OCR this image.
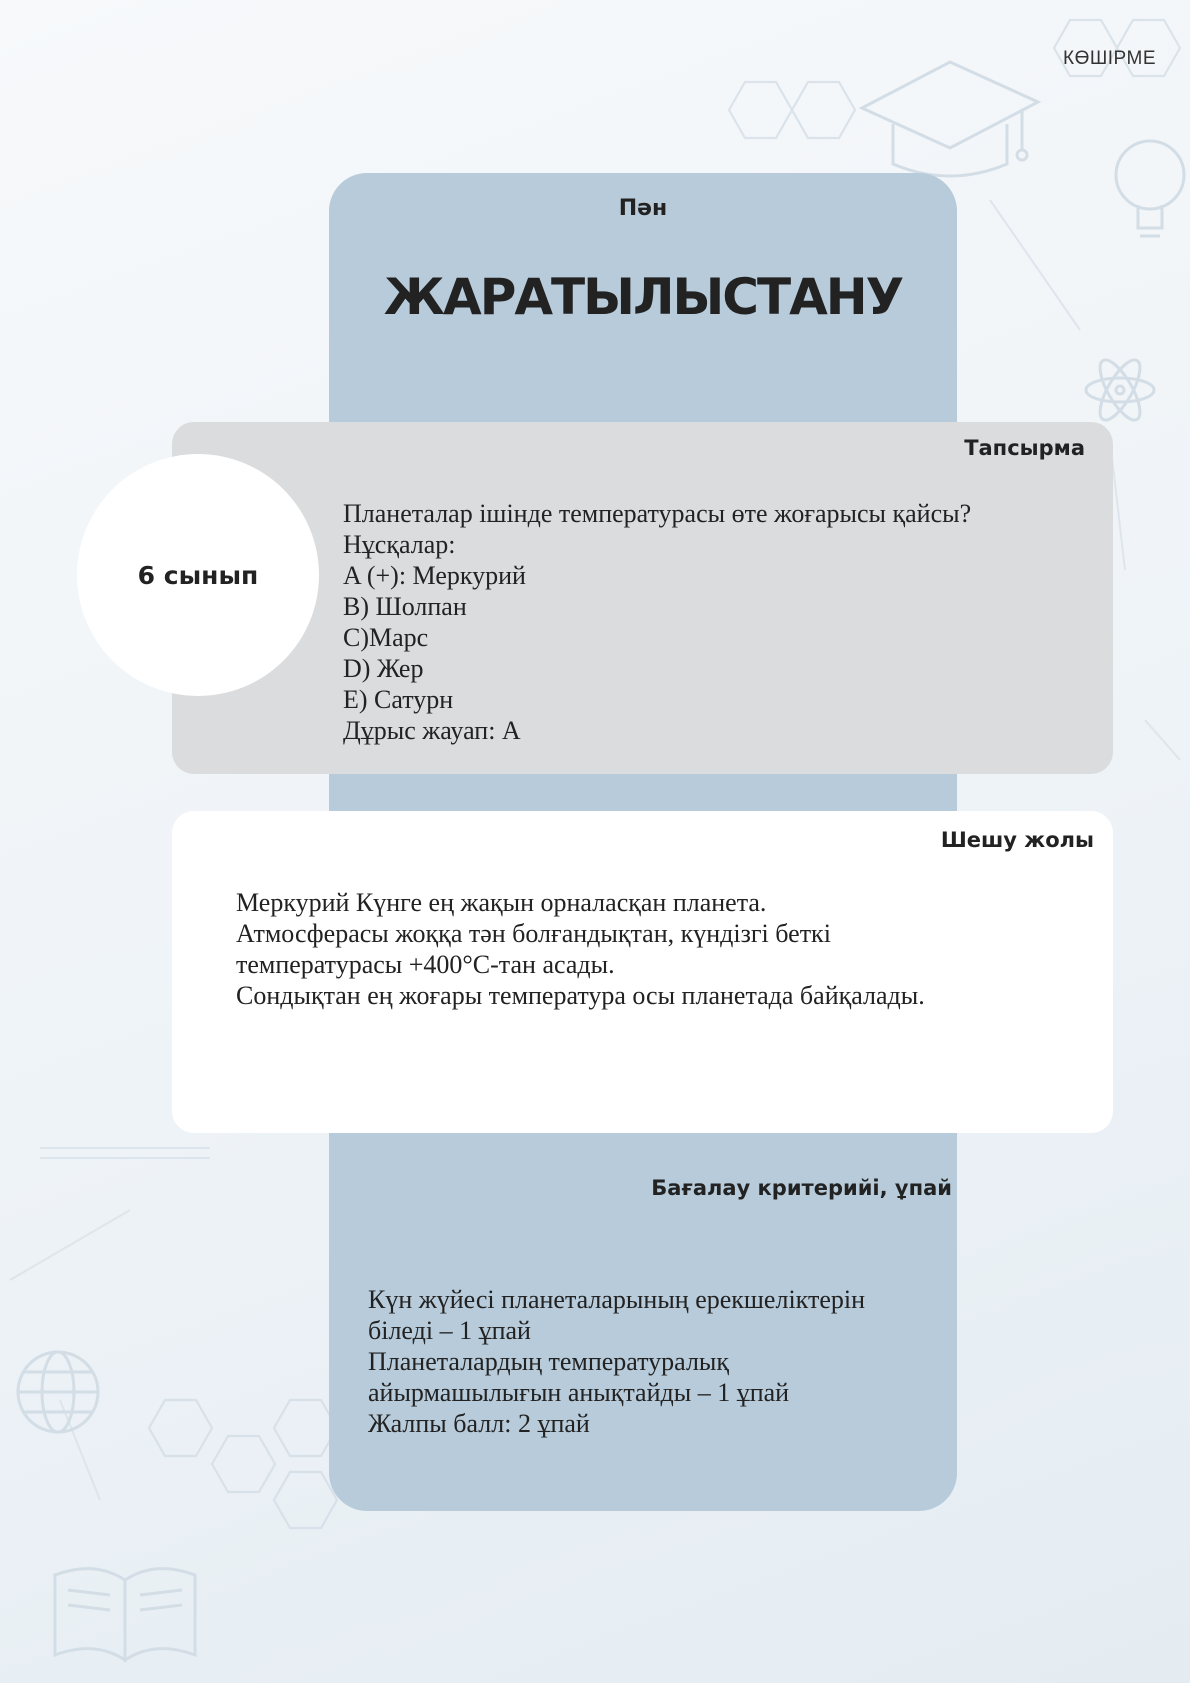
КӨШІРМЕ
Пән
ЖАРАТЫЛЫСТАНУ
Тапсырма
Планеталар ішінде температурасы өте жоғарысы қайсы?
Нұсқалар:
A (+): Меркурий
B) Шолпан
C)Марс
D) Жер
E) Сатурн
Дұрыс жауап: A
6 сынып
Шешу жолы
Меркурий Күнге ең жақын орналасқан планета.
Атмосферасы жоққа тән болғандықтан, күндізгі беткі
температурасы +400°C-тан асады.
Сондықтан ең жоғары температура осы планетада байқалады.
Бағалау критерийі, ұпай
Күн жүйесі планеталарының ерекшеліктерін
біледі – 1 ұпай
Планеталардың температуралық
айырмашылығын анықтайды – 1 ұпай
Жалпы балл: 2 ұпай
